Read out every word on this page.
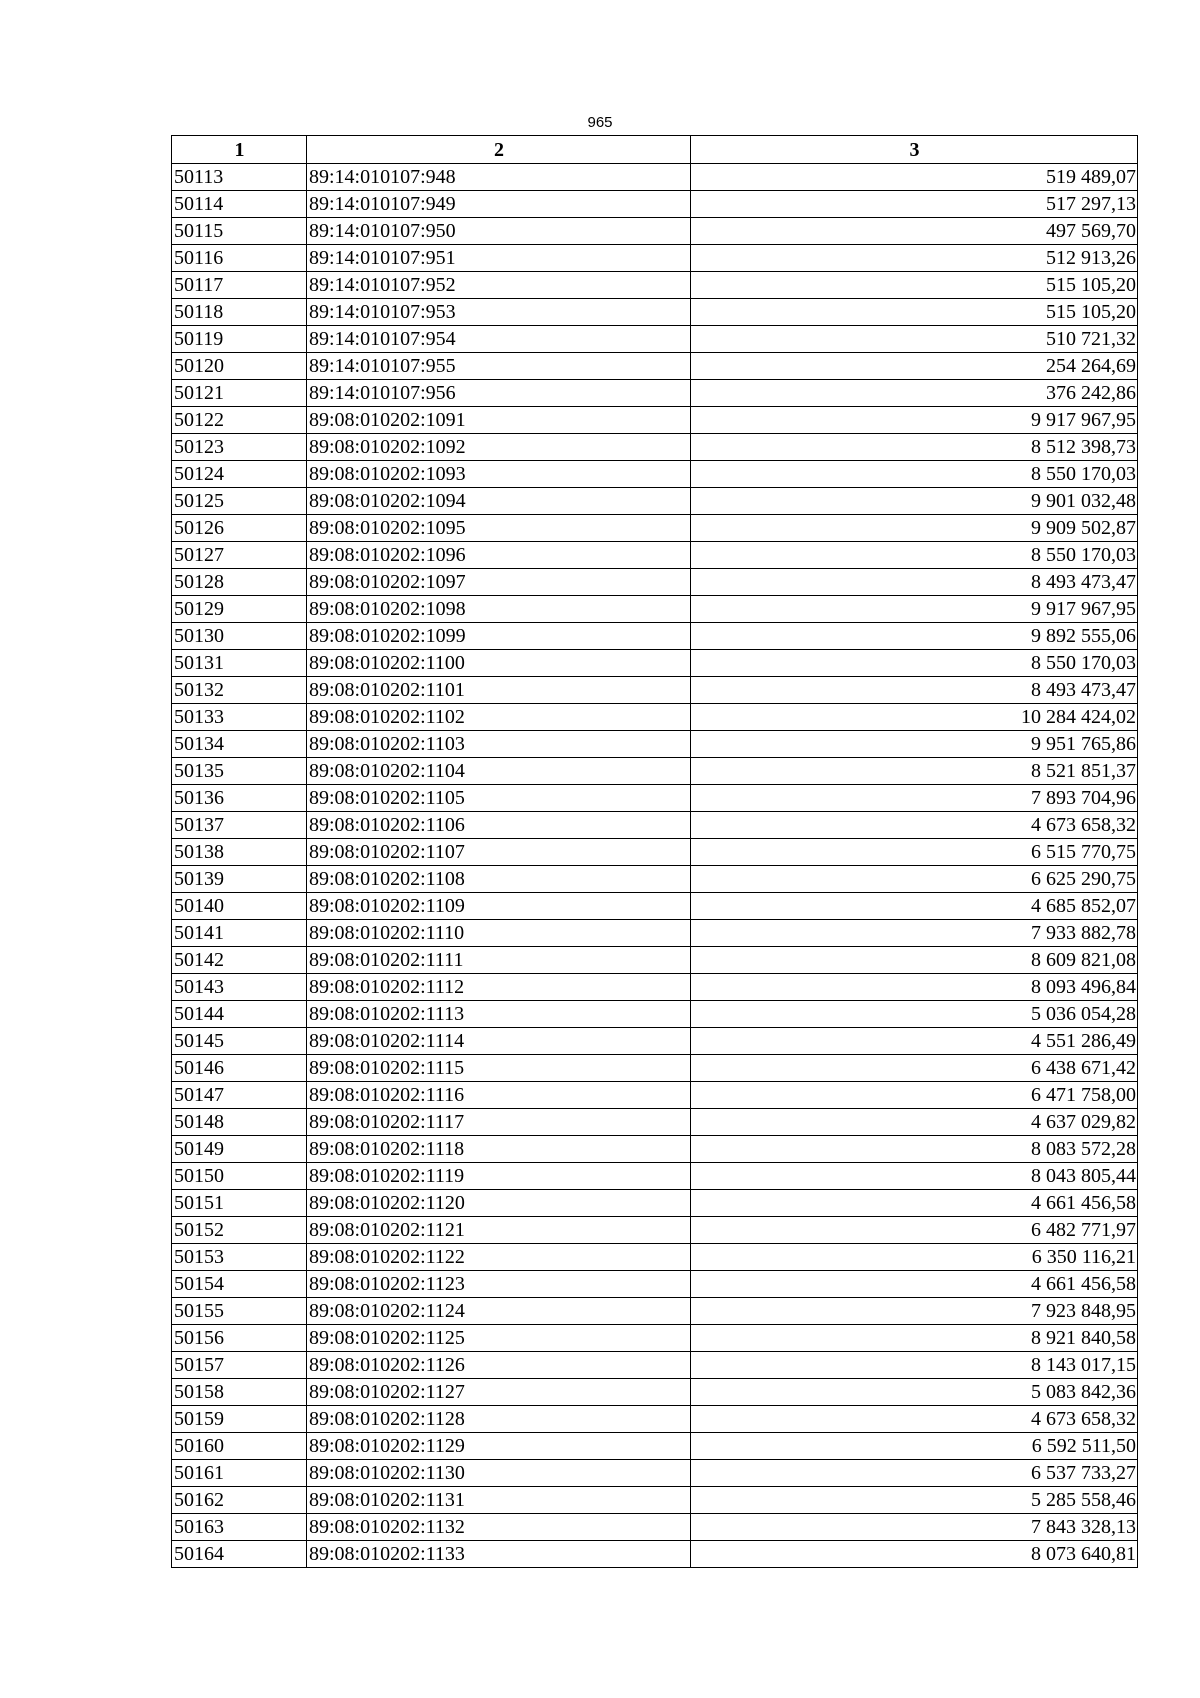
965
1	2	3
50113	89:14:010107:948	519 489,07
50114	89:14:010107:949	517 297,13
50115	89:14:010107:950	497 569,70
50116	89:14:010107:951	512 913,26
50117	89:14:010107:952	515 105,20
50118	89:14:010107:953	515 105,20
50119	89:14:010107:954	510 721,32
50120	89:14:010107:955	254 264,69
50121	89:14:010107:956	376 242,86
50122	89:08:010202:1091	9 917 967,95
50123	89:08:010202:1092	8 512 398,73
50124	89:08:010202:1093	8 550 170,03
50125	89:08:010202:1094	9 901 032,48
50126	89:08:010202:1095	9 909 502,87
50127	89:08:010202:1096	8 550 170,03
50128	89:08:010202:1097	8 493 473,47
50129	89:08:010202:1098	9 917 967,95
50130	89:08:010202:1099	9 892 555,06
50131	89:08:010202:1100	8 550 170,03
50132	89:08:010202:1101	8 493 473,47
50133	89:08:010202:1102	10 284 424,02
50134	89:08:010202:1103	9 951 765,86
50135	89:08:010202:1104	8 521 851,37
50136	89:08:010202:1105	7 893 704,96
50137	89:08:010202:1106	4 673 658,32
50138	89:08:010202:1107	6 515 770,75
50139	89:08:010202:1108	6 625 290,75
50140	89:08:010202:1109	4 685 852,07
50141	89:08:010202:1110	7 933 882,78
50142	89:08:010202:1111	8 609 821,08
50143	89:08:010202:1112	8 093 496,84
50144	89:08:010202:1113	5 036 054,28
50145	89:08:010202:1114	4 551 286,49
50146	89:08:010202:1115	6 438 671,42
50147	89:08:010202:1116	6 471 758,00
50148	89:08:010202:1117	4 637 029,82
50149	89:08:010202:1118	8 083 572,28
50150	89:08:010202:1119	8 043 805,44
50151	89:08:010202:1120	4 661 456,58
50152	89:08:010202:1121	6 482 771,97
50153	89:08:010202:1122	6 350 116,21
50154	89:08:010202:1123	4 661 456,58
50155	89:08:010202:1124	7 923 848,95
50156	89:08:010202:1125	8 921 840,58
50157	89:08:010202:1126	8 143 017,15
50158	89:08:010202:1127	5 083 842,36
50159	89:08:010202:1128	4 673 658,32
50160	89:08:010202:1129	6 592 511,50
50161	89:08:010202:1130	6 537 733,27
50162	89:08:010202:1131	5 285 558,46
50163	89:08:010202:1132	7 843 328,13
50164	89:08:010202:1133	8 073 640,81
